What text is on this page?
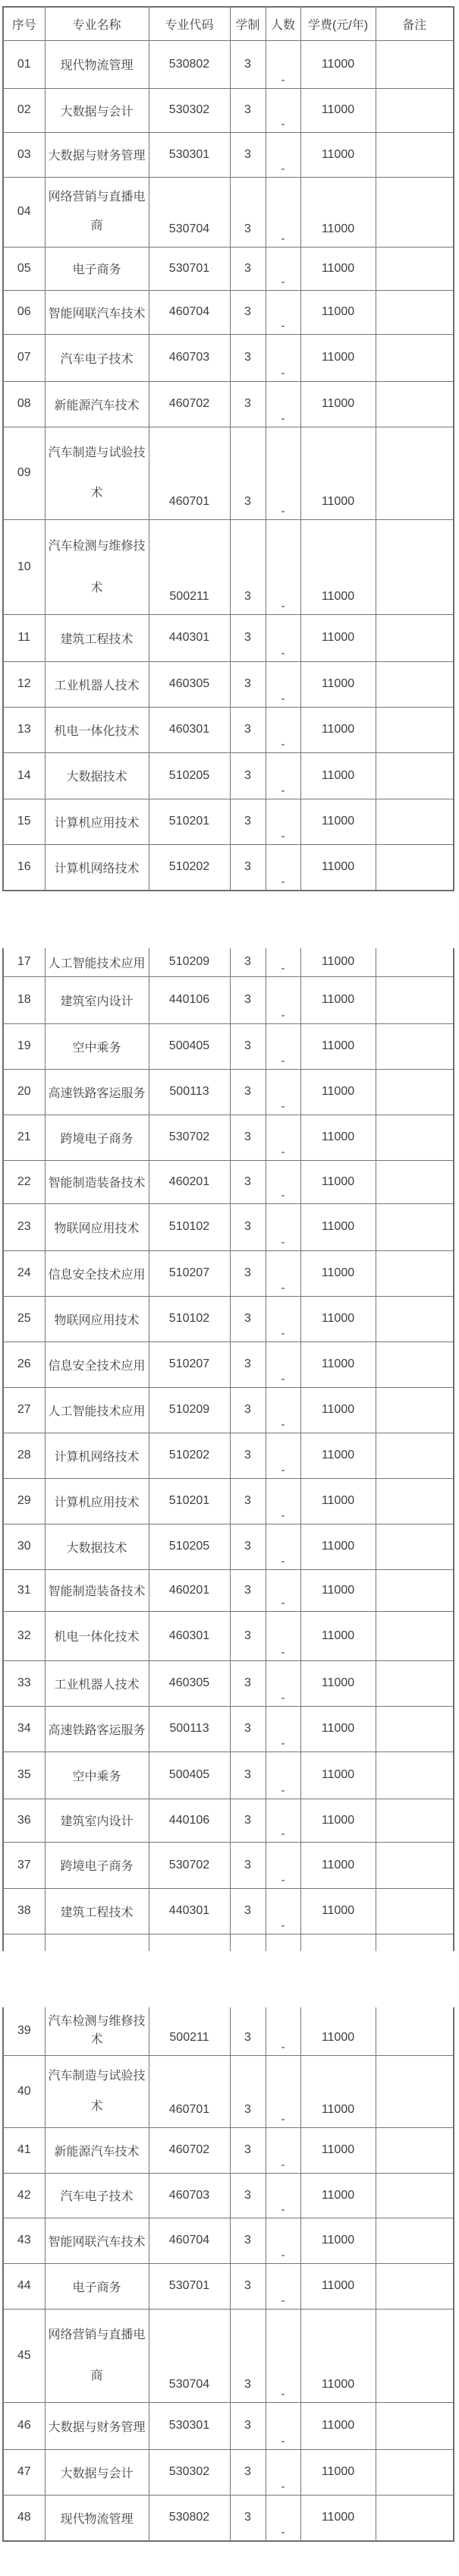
序号	专业名称	专业代码	学制	人数	学费(元/年)	备注
01	现代物流管理	530802	3	-	11000	
02	大数据与会计	530302	3	-	11000	
03	大数据与财务管理	530301	3	-	11000	
04	网络营销与直播电商	530704	3	-	11000	
05	电子商务	530701	3	-	11000	
06	智能网联汽车技术	460704	3	-	11000	
07	汽车电子技术	460703	3	-	11000	
08	新能源汽车技术	460702	3	-	11000	
09	汽车制造与试验技术	460701	3	-	11000	
10	汽车检测与维修技术	500211	3	-	11000	
11	建筑工程技术	440301	3	-	11000	
12	工业机器人技术	460305	3	-	11000	
13	机电一体化技术	460301	3	-	11000	
14	大数据技术	510205	3	-	11000	
15	计算机应用技术	510201	3	-	11000	
16	计算机网络技术	510202	3	-	11000	
17	人工智能技术应用	510209	3	-	11000	
18	建筑室内设计	440106	3	-	11000	
19	空中乘务	500405	3	-	11000	
20	高速铁路客运服务	500113	3	-	11000	
21	跨境电子商务	530702	3	-	11000	
22	智能制造装备技术	460201	3	-	11000	
23	物联网应用技术	510102	3	-	11000	
24	信息安全技术应用	510207	3	-	11000	
25	物联网应用技术	510102	3	-	11000	
26	信息安全技术应用	510207	3	-	11000	
27	人工智能技术应用	510209	3	-	11000	
28	计算机网络技术	510202	3	-	11000	
29	计算机应用技术	510201	3	-	11000	
30	大数据技术	510205	3	-	11000	
31	智能制造装备技术	460201	3	-	11000	
32	机电一体化技术	460301	3	-	11000	
33	工业机器人技术	460305	3	-	11000	
34	高速铁路客运服务	500113	3	-	11000	
35	空中乘务	500405	3	-	11000	
36	建筑室内设计	440106	3	-	11000	
37	跨境电子商务	530702	3	-	11000	
38	建筑工程技术	440301	3	-	11000	

39	汽车检测与维修技术	500211	3	-	11000	
40	汽车制造与试验技术	460701	3	-	11000	
41	新能源汽车技术	460702	3	-	11000	
42	汽车电子技术	460703	3	-	11000	
43	智能网联汽车技术	460704	3	-	11000	
44	电子商务	530701	3	-	11000	
45	网络营销与直播电商	530704	3	-	11000	
46	大数据与财务管理	530301	3	-	11000	
47	大数据与会计	530302	3	-	11000	
48	现代物流管理	530802	3	-	11000	
